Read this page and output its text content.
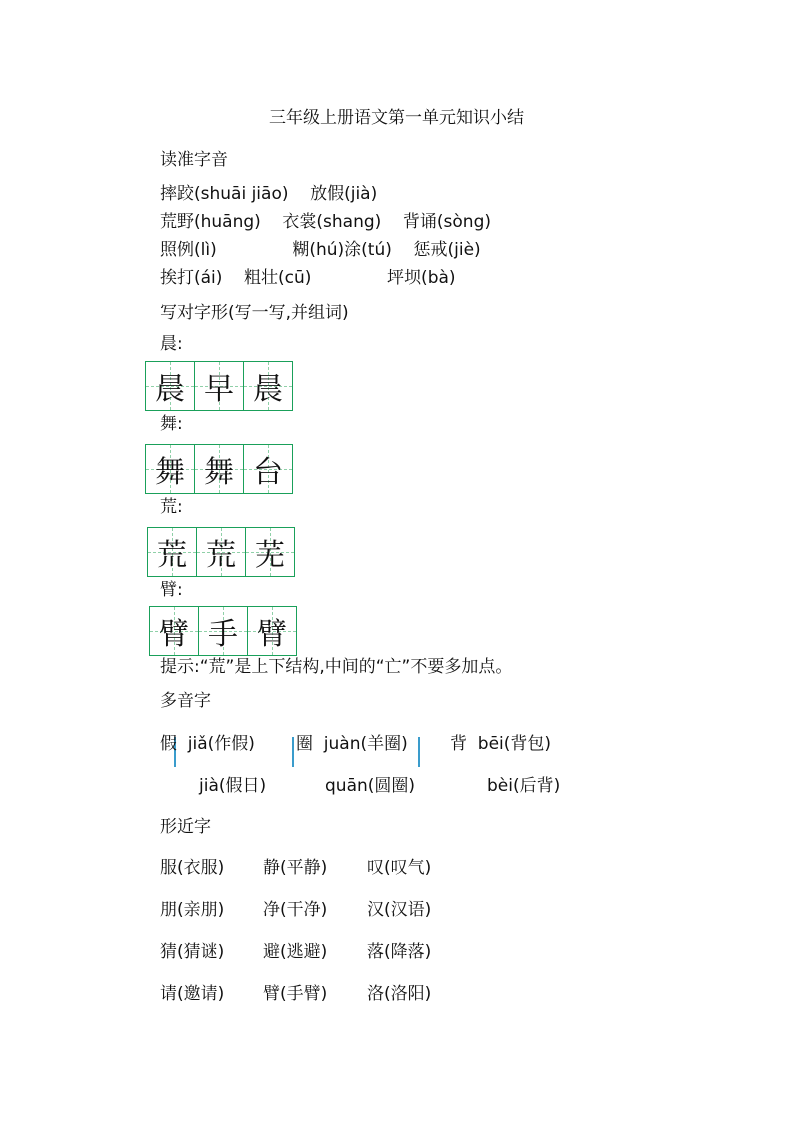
三年级上册语文第一单元知识小结
读准字音
摔跤(shuāi jiāo)    放假(jià)
荒野(huāng)    衣裳(shang)    背诵(sòng)
照例(lì)              糊(hú)涂(tú)    惩戒(jiè)
挨打(ái)    粗壮(cū)              坪坝(bà)
写对字形(写一写,并组词)
晨:
晨 早 晨
舞:
舞 舞 台
荒:
荒 荒 芜
臂:
臂 手 臂
提示:“荒”是上下结构,中间的“亡”不要多加点。
多音字
假  jiǎ(作假) 圈  juàn(羊圈) 背  bēi(背包)
jià(假日)	quān(圆圈)	bèi(后背)
形近字
服(衣服) 静(平静) 叹(叹气)
朋(亲朋) 净(干净) 汉(汉语)
猜(猜谜) 避(逃避) 落(降落)
请(邀请) 臂(手臂) 洛(洛阳)
